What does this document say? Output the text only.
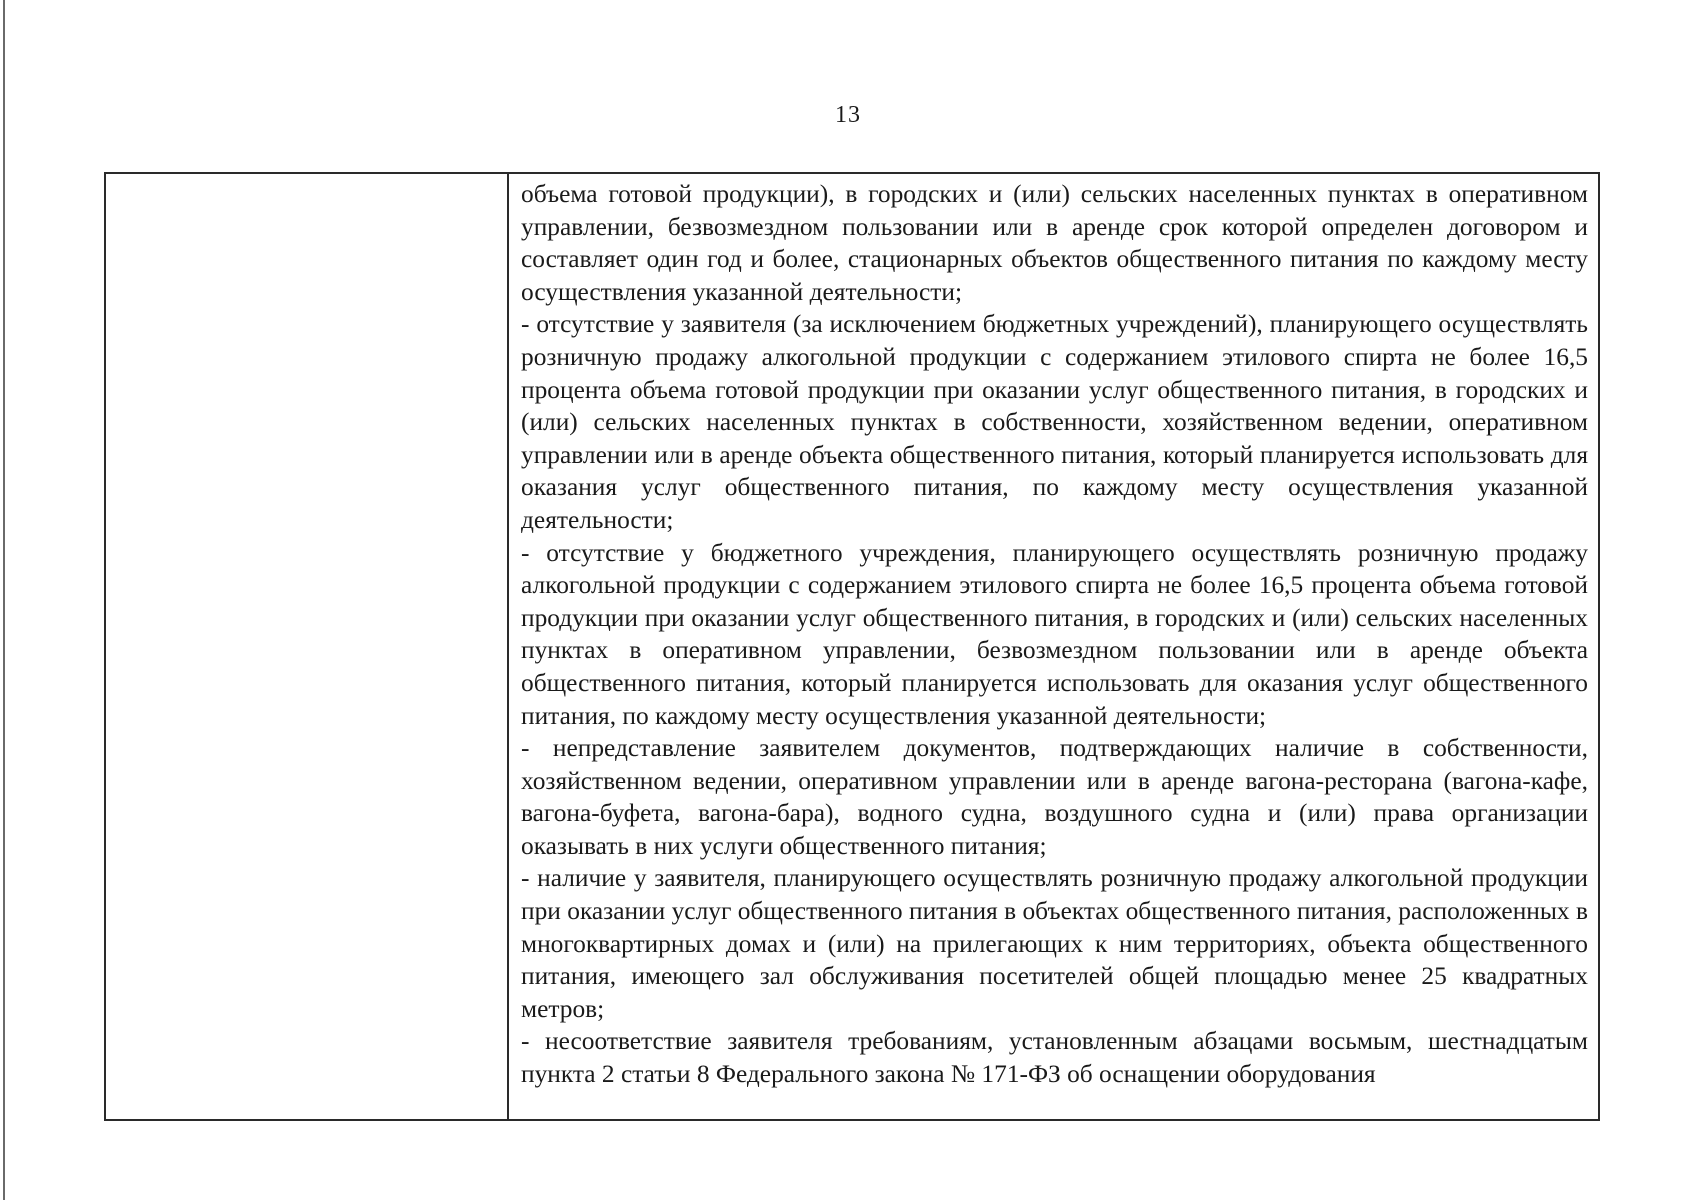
13

объема готовой продукции), в городских и (или) сельских населенных пунктах в оперативном управлении, безвозмездном пользовании или в аренде срок которой определен договором и составляет один год и более, стационарных объектов общественного питания по каждому месту осуществления указанной деятельности;

- отсутствие у заявителя (за исключением бюджетных учреждений), планирующего осуществлять розничную продажу алкогольной продукции с содержанием этилового спирта не более 16,5 процента объема готовой продукции при оказании услуг общественного питания, в городских и (или) сельских населенных пунктах в собственности, хозяйственном ведении, оперативном управлении или в аренде объекта общественного питания, который планируется использовать для оказания услуг общественного питания, по каждому месту осуществления указанной деятельности;

- отсутствие у бюджетного учреждения, планирующего осуществлять розничную продажу алкогольной продукции с содержанием этилового спирта не более 16,5 процента объема готовой продукции при оказании услуг общественного питания, в городских и (или) сельских населенных пунктах в оперативном управлении, безвозмездном пользовании или в аренде объекта общественного питания, который планируется использовать для оказания услуг общественного питания, по каждому месту осуществления указанной деятельности;

- непредставление заявителем документов, подтверждающих наличие в собственности, хозяйственном ведении, оперативном управлении или в аренде вагона-ресторана (вагона-кафе, вагона-буфета, вагона-бара), водного судна, воздушного судна и (или) права организации оказывать в них услуги общественного питания;

- наличие у заявителя, планирующего осуществлять розничную продажу алкогольной продукции при оказании услуг общественного питания в объектах общественного питания, расположенных в многоквартирных домах и (или) на прилегающих к ним территориях, объекта общественного питания, имеющего зал обслуживания посетителей общей площадью менее 25 квадратных метров;

- несоответствие заявителя требованиям, установленным абзацами восьмым, шестнадцатым пункта 2 статьи 8 Федерального закона № 171-ФЗ об оснащении оборудования
